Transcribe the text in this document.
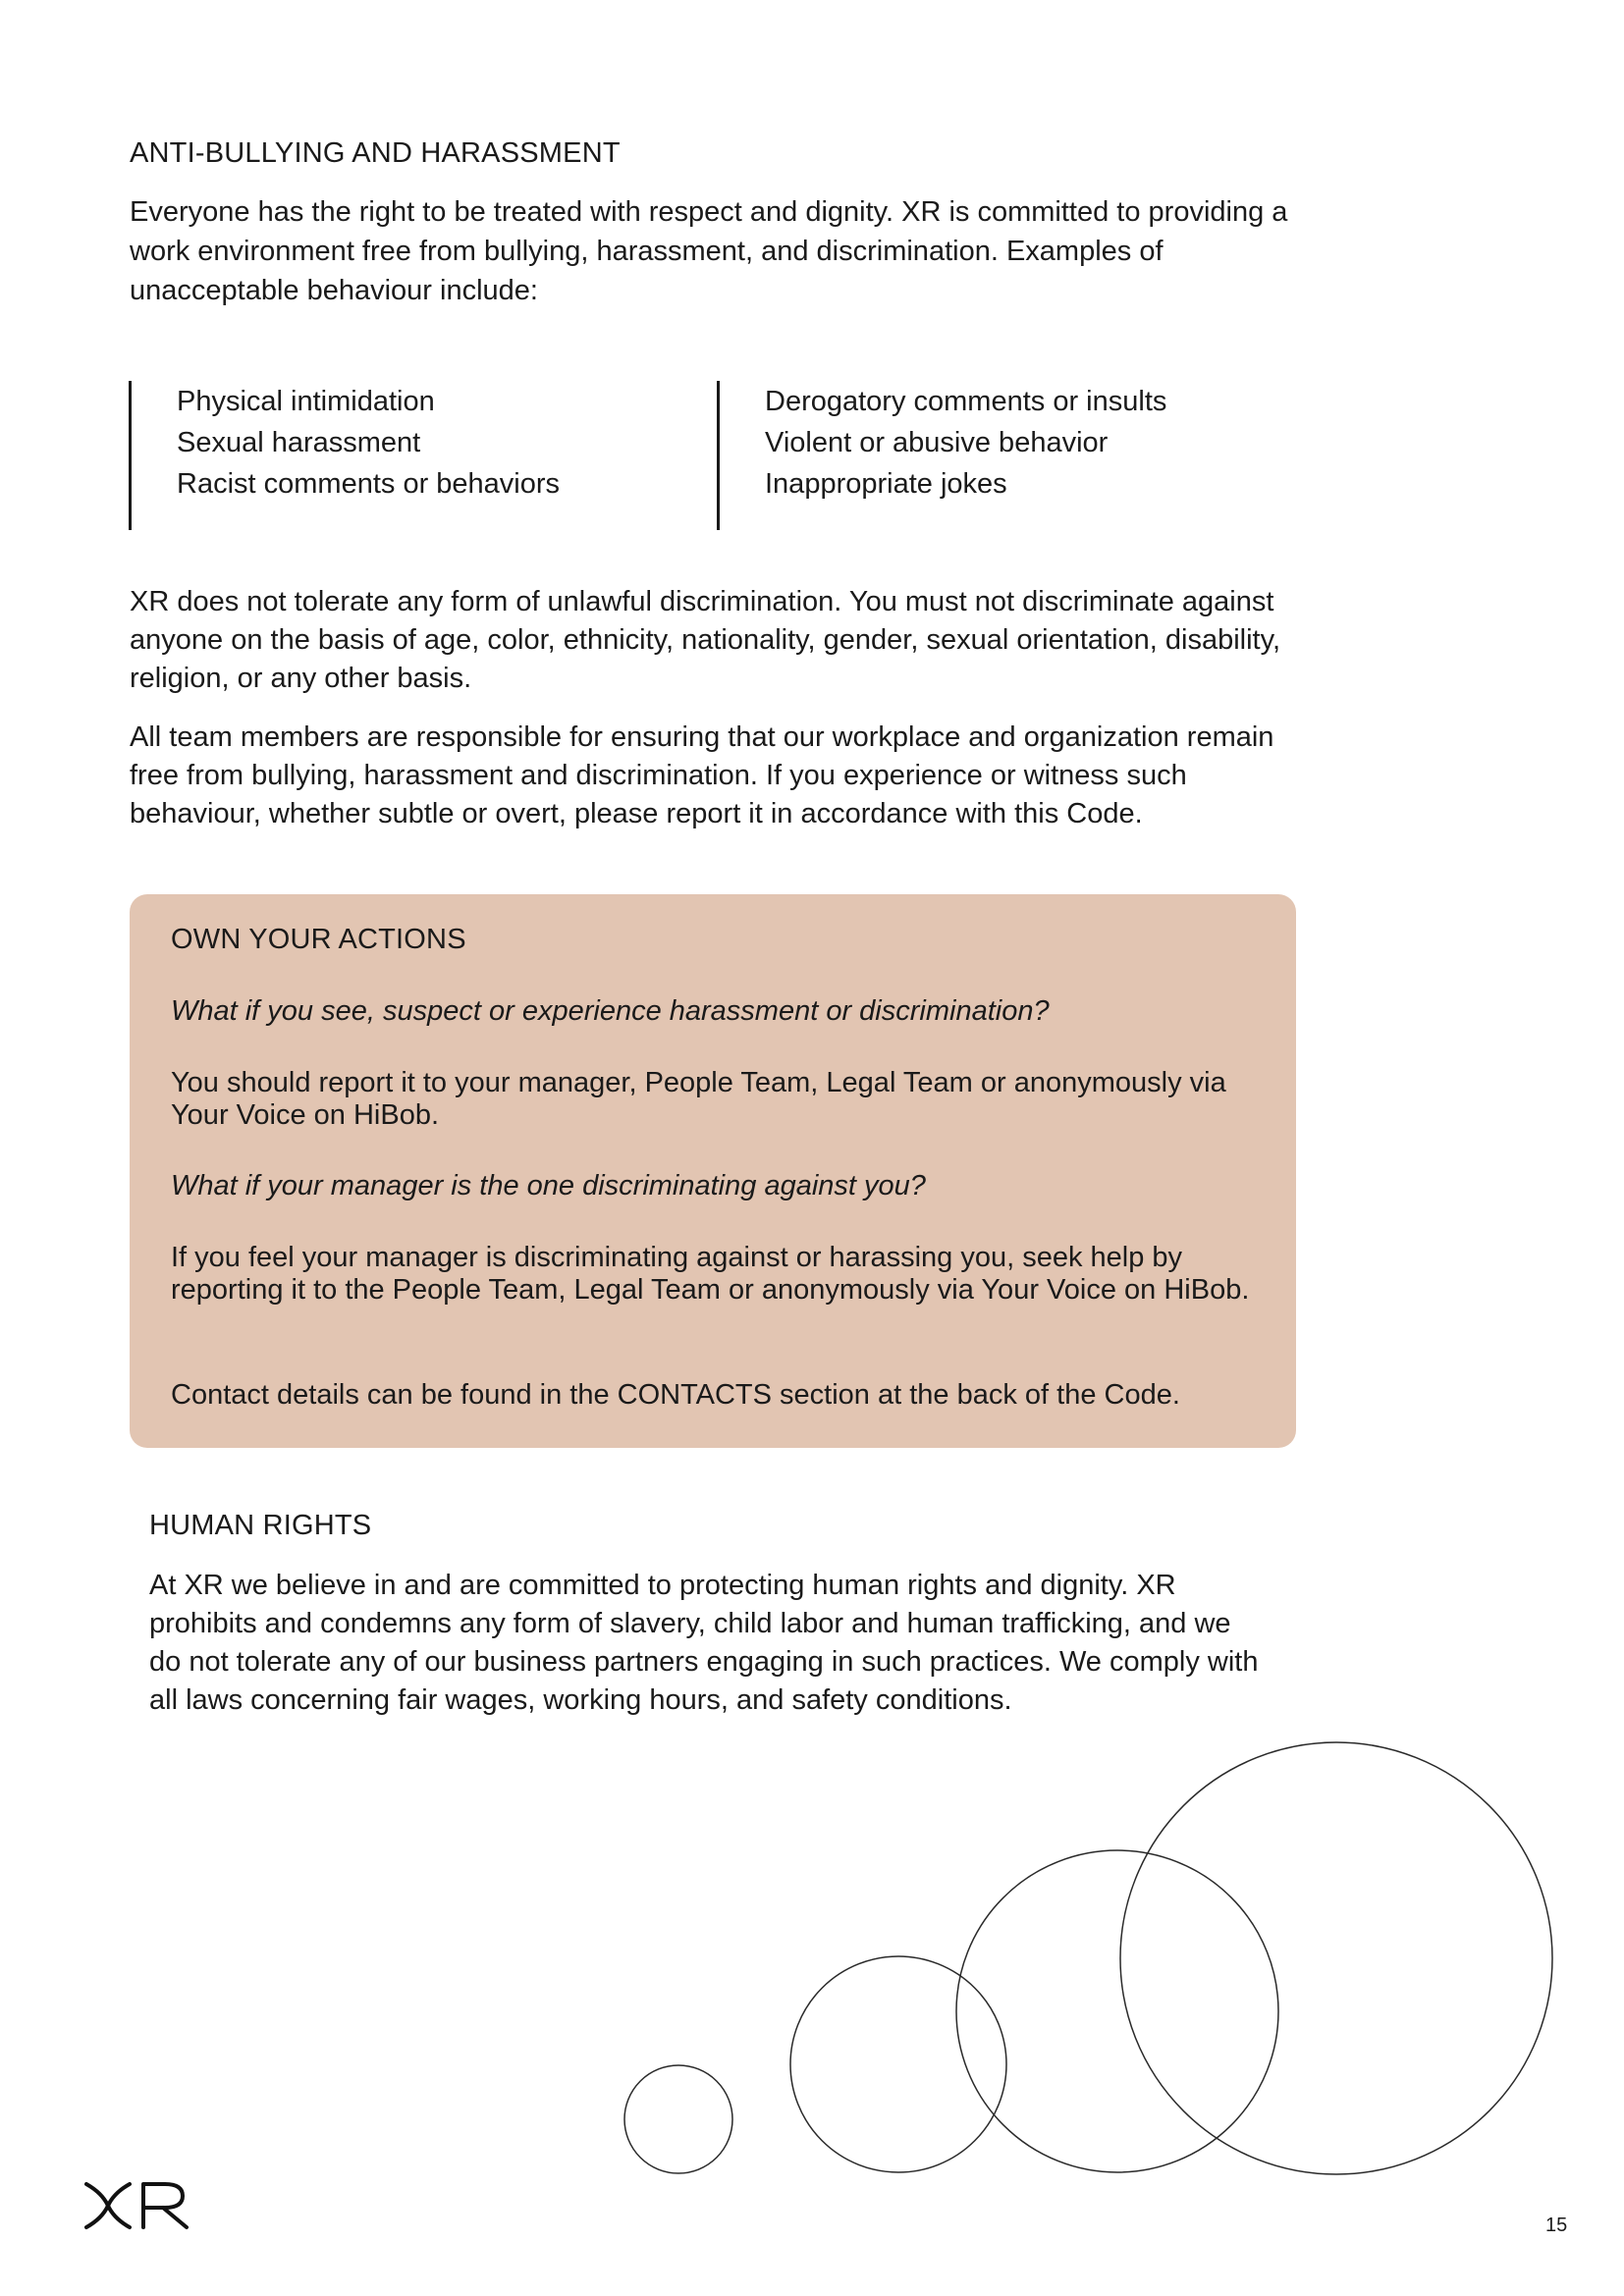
ANTI-BULLYING AND HARASSMENT

Everyone has the right to be treated with respect and dignity. XR is committed to providing a work environment free from bullying, harassment, and discrimination. Examples of unacceptable behaviour include:

Physical intimidation
Sexual harassment
Racist comments or behaviors
Derogatory comments or insults
Violent or abusive behavior
Inappropriate jokes

XR does not tolerate any form of unlawful discrimination. You must not discriminate against anyone on the basis of age, color, ethnicity, nationality, gender, sexual orientation, disability, religion, or any other basis.

All team members are responsible for ensuring that our workplace and organization remain free from bullying, harassment and discrimination. If you experience or witness such behaviour, whether subtle or overt, please report it in accordance with this Code.

OWN YOUR ACTIONS

What if you see, suspect or experience harassment or discrimination?

You should report it to your manager, People Team, Legal Team or anonymously via Your Voice on HiBob.

What if your manager is the one discriminating against you?

If you feel your manager is discriminating against or harassing you, seek help by reporting it to the People Team, Legal Team or anonymously via Your Voice on HiBob.

Contact details can be found in the CONTACTS section at the back of the Code.

HUMAN RIGHTS

At XR we believe in and are committed to protecting human rights and dignity. XR prohibits and condemns any form of slavery, child labor and human trafficking, and we do not tolerate any of our business partners engaging in such practices. We comply with all laws concerning fair wages, working hours, and safety conditions.

15
